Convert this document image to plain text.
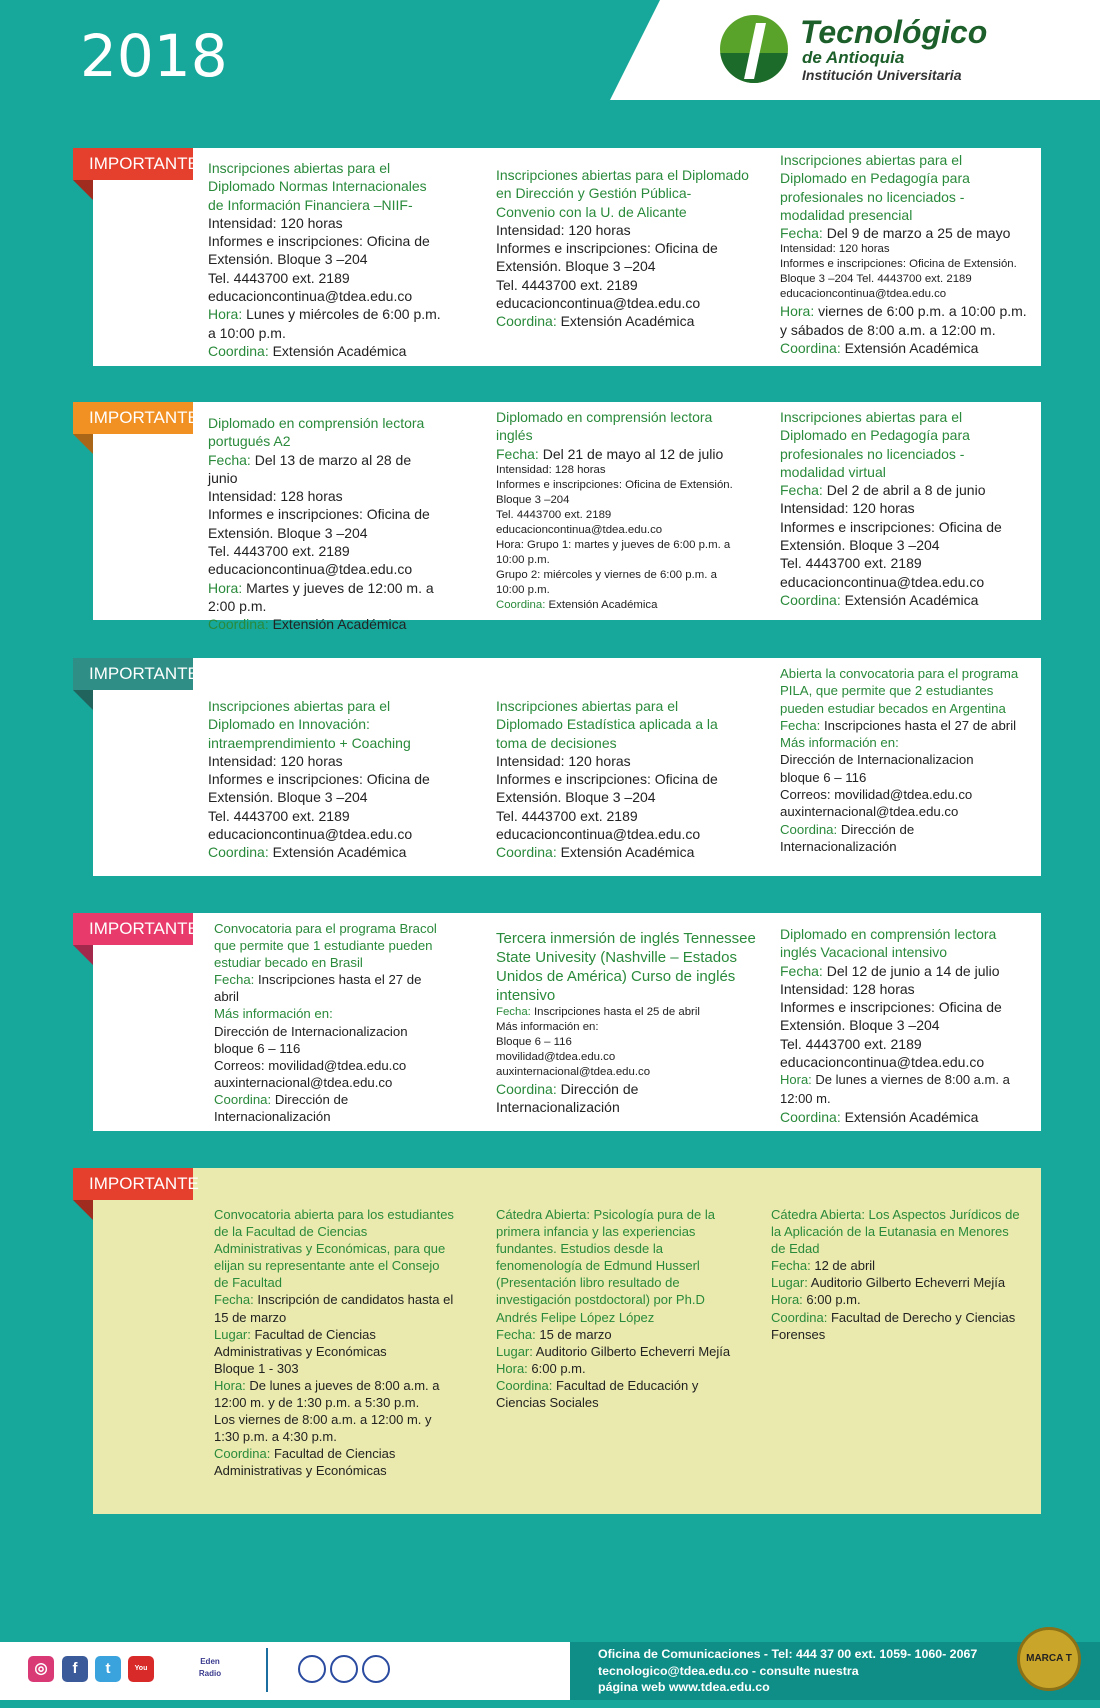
2018	Tecnológico
de Antioquia
Institución Universitaria
IMPORTANTE Inscripciones abiertas para el Diplomado Normas Internacionales de Información Financiera –NIIF-
Intensidad: 120 horas
Informes e inscripciones: Oficina de
Extensión. Bloque 3 –204
Tel. 4443700 ext. 2189
educacioncontinua@tdea.edu.co
Hora: Lunes y miércoles de 6:00 p.m. a 10:00 p.m.
Coordina: Extensión Académica
Inscripciones abiertas para el Diplomado en Dirección y Gestión Pública- Convenio con la U. de Alicante
Intensidad: 120 horas
Informes e inscripciones: Oficina de
Extensión. Bloque 3 –204
Tel. 4443700 ext. 2189
educacioncontinua@tdea.edu.co
Coordina: Extensión Académica
Inscripciones abiertas para el Diplomado en Pedagogía para profesionales no licenciados - modalidad presencial
Fecha: Del 9 de marzo a 25 de mayo
Intensidad: 120 horas
Informes e inscripciones: Oficina de Extensión. Bloque 3 –204 Tel. 4443700 ext. 2189 educacioncontinua@tdea.edu.co
Hora: viernes de 6:00 p.m. a 10:00 p.m. y sábados de 8:00 a.m. a 12:00 m.
Coordina: Extensión Académica
IMPORTANTE Diplomado en comprensión lectora portugués A2
Fecha: Del 13 de marzo al 28 de junio
Intensidad: 128 horas
Informes e inscripciones: Oficina de
Extensión. Bloque 3 –204
Tel. 4443700 ext. 2189
educacioncontinua@tdea.edu.co
Hora: Martes y jueves de 12:00 m. a 2:00 p.m.
Coordina: Extensión Académica
Diplomado en comprensión lectora inglés
Fecha: Del 21 de mayo al 12 de julio
Intensidad: 128 horas
Informes e inscripciones: Oficina de Extensión. Bloque 3 –204
Tel. 4443700 ext. 2189
educacioncontinua@tdea.edu.co
Hora: Grupo 1: martes y jueves de 6:00 p.m. a 10:00 p.m.
Grupo 2: miércoles y viernes de 6:00 p.m. a 10:00 p.m.
Coordina: Extensión Académica
Inscripciones abiertas para el Diplomado en Pedagogía para profesionales no licenciados - modalidad virtual
Fecha: Del 2 de abril a 8 de junio
Intensidad: 120 horas
Informes e inscripciones: Oficina de
Extensión. Bloque 3 –204
Tel. 4443700 ext. 2189
educacioncontinua@tdea.edu.co
Coordina: Extensión Académica
IMPORTANTE
Inscripciones abiertas para el Diplomado en Innovación: intraemprendimiento + Coaching
Intensidad: 120 horas
Informes e inscripciones: Oficina de
Extensión. Bloque 3 –204
Tel. 4443700 ext. 2189
educacioncontinua@tdea.edu.co
Coordina: Extensión Académica
Inscripciones abiertas para el Diplomado Estadística aplicada a la toma de decisiones
Intensidad: 120 horas
Informes e inscripciones: Oficina de
Extensión. Bloque 3 –204
Tel. 4443700 ext. 2189
educacioncontinua@tdea.edu.co
Coordina: Extensión Académica
Abierta la convocatoria para el programa PILA, que permite que 2 estudiantes pueden estudiar becados en Argentina
Fecha: Inscripciones hasta el 27 de abril
Más información en:
Dirección de Internacionalizacion
bloque 6 – 116
Correos: movilidad@tdea.edu.co
auxinternacional@tdea.edu.co
Coordina: Dirección de Internacionalización
IMPORTANTE Convocatoria para el programa Bracol que permite que 1 estudiante pueden estudiar becado en Brasil
Fecha: Inscripciones hasta el 27 de abril
Más información en:
Dirección de Internacionalizacion
bloque 6 – 116
Correos: movilidad@tdea.edu.co
auxinternacional@tdea.edu.co
Coordina: Dirección de Internacionalización
Tercera inmersión de inglés Tennessee State Univesity (Nashville – Estados Unidos de América) Curso de inglés intensivo
Fecha: Inscripciones hasta el 25 de abril
Más información en:
Bloque 6 – 116
movilidad@tdea.edu.co
auxinternacional@tdea.edu.co
Coordina: Dirección de Internacionalización
Diplomado en comprensión lectora inglés Vacacional intensivo
Fecha: Del 12 de junio a 14 de julio
Intensidad: 128 horas
Informes e inscripciones: Oficina de
Extensión. Bloque 3 –204
Tel. 4443700 ext. 2189
educacioncontinua@tdea.edu.co
Hora: De lunes a viernes de 8:00 a.m. a 12:00 m.
Coordina: Extensión Académica
IMPORTANTE
Convocatoria abierta para los estudiantes de la Facultad de Ciencias Administrativas y Económicas, para que elijan su representante ante el Consejo de Facultad
Fecha: Inscripción de candidatos hasta el 15 de marzo
Lugar: Facultad de Ciencias Administrativas y Económicas
Bloque 1 - 303
Hora: De lunes a jueves de 8:00 a.m. a 12:00 m. y de 1:30 p.m. a 5:30 p.m.
Los viernes de 8:00 a.m. a 12:00 m. y 1:30 p.m. a 4:30 p.m.
Coordina: Facultad de Ciencias Administrativas y Económicas
Cátedra Abierta: Psicología pura de la primera infancia y las experiencias fundantes. Estudios desde la fenomenología de Edmund Husserl (Presentación libro resultado de investigación postdoctoral) por Ph.D Andrés Felipe López López
Fecha: 15 de marzo
Lugar: Auditorio Gilberto Echeverri Mejía
Hora: 6:00 p.m.
Coordina: Facultad de Educación y Ciencias Sociales
Cátedra Abierta: Los Aspectos Jurídicos de la Aplicación de la Eutanasia en Menores de Edad
Fecha: 12 de abril
Lugar: Auditorio Gilberto Echeverri Mejía
Hora: 6:00 p.m.
Coordina: Facultad de Derecho y Ciencias Forenses
◎	f	t	You Tube
Eden Radio
Oficina de Comunicaciones - Tel: 444 37 00 ext. 1059- 1060- 2067
tecnologico@tdea.edu.co - consulte nuestra
página web www.tdea.edu.co
MARCA T
